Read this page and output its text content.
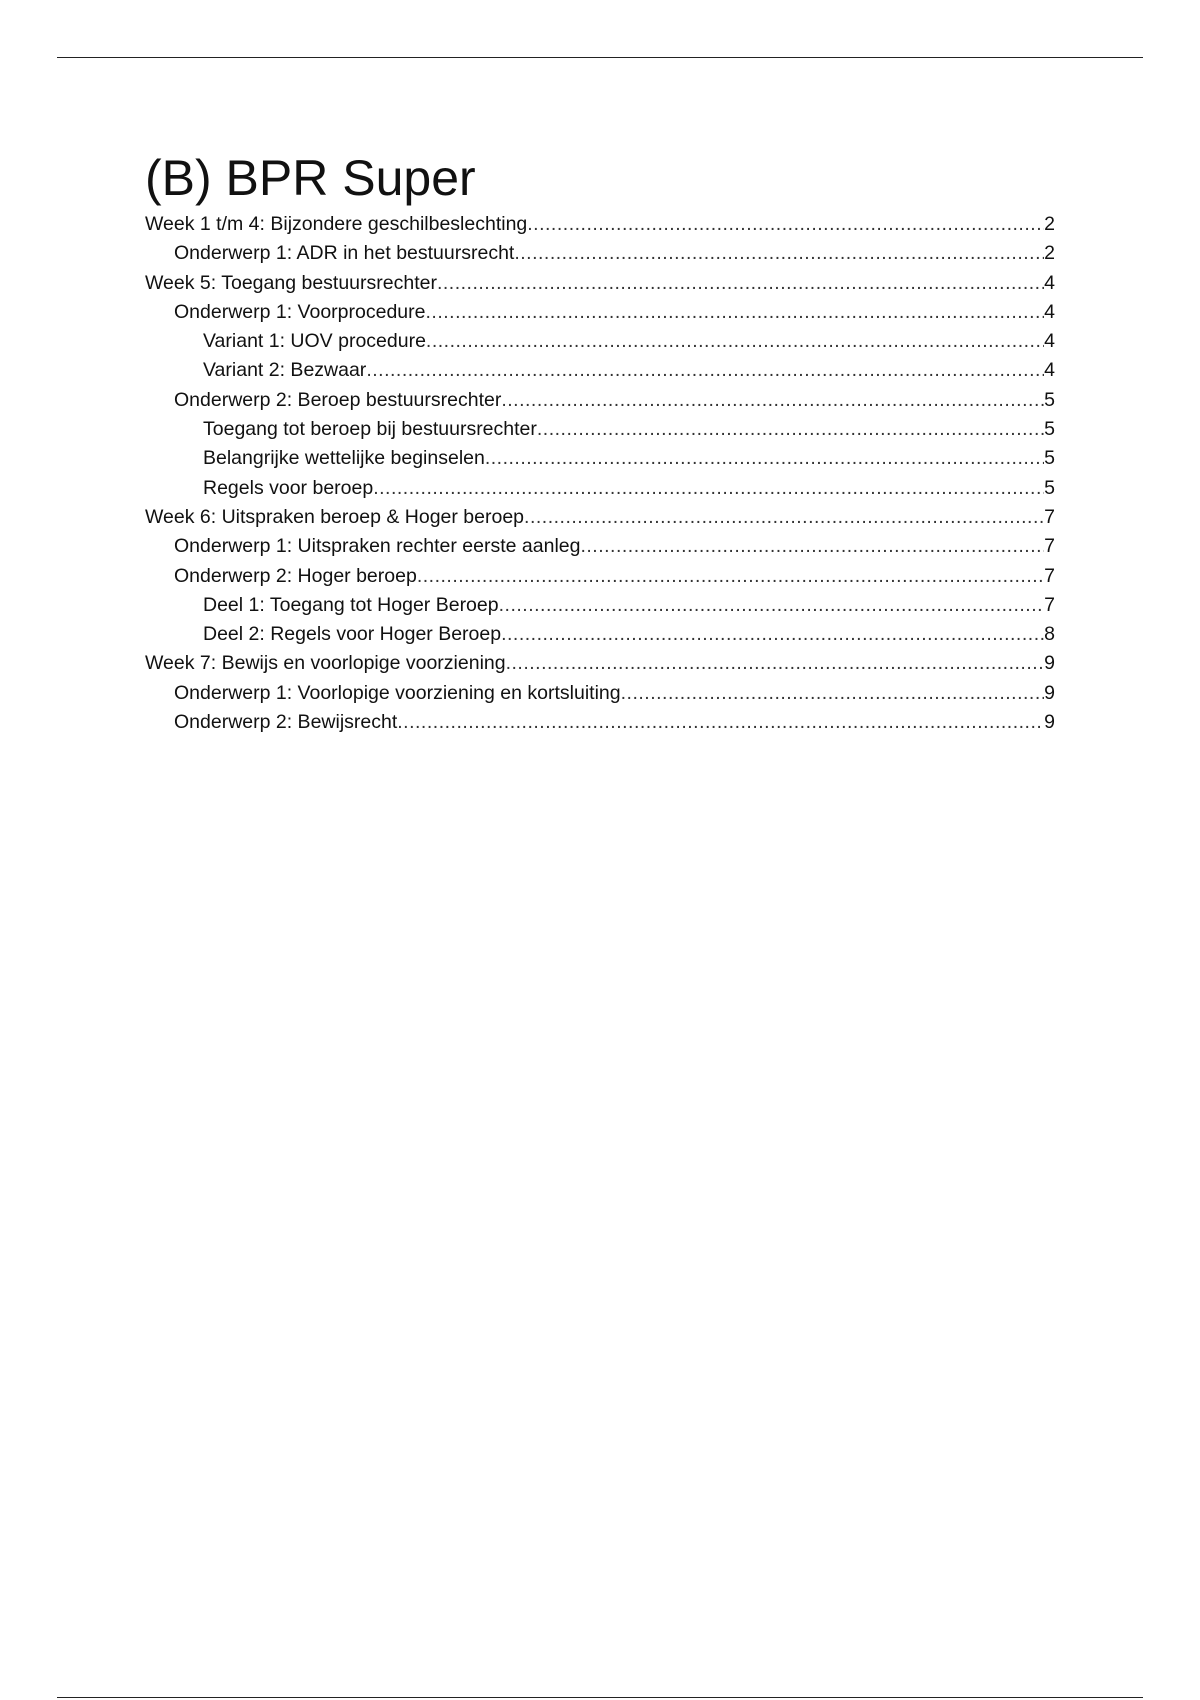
(B) BPR Super
Week 1 t/m 4: Bijzondere geschilbeslechting .....	2
Onderwerp 1: ADR in het bestuursrecht .....	2
Week 5: Toegang bestuursrechter .....	4
Onderwerp 1: Voorprocedure .....	4
Variant 1: UOV procedure .....	4
Variant 2: Bezwaar .....	4
Onderwerp 2: Beroep bestuursrechter .....	5
Toegang tot beroep bij bestuursrechter .....	5
Belangrijke wettelijke beginselen .....	5
Regels voor beroep .....	5
Week 6: Uitspraken beroep & Hoger beroep .....	7
Onderwerp 1: Uitspraken rechter eerste aanleg .....	7
Onderwerp 2: Hoger beroep .....	7
Deel 1: Toegang tot Hoger Beroep .....	7
Deel 2: Regels voor Hoger Beroep .....	8
Week 7: Bewijs en voorlopige voorziening .....	9
Onderwerp 1: Voorlopige voorziening en kortsluiting .....	9
Onderwerp 2: Bewijsrecht .....	9
